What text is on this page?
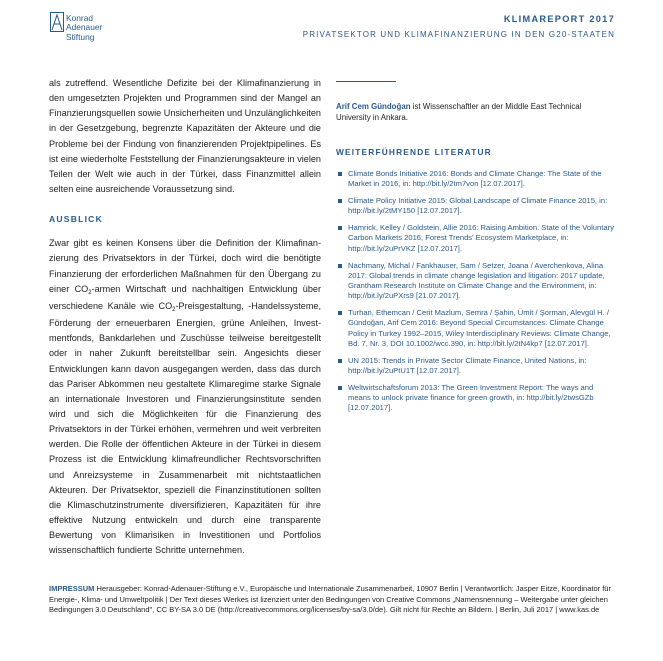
Konrad
Adenauer
Stiftung
KLIMAREPORT 2017
PRIVATSEKTOR UND KLIMAFINANZIERUNG IN DEN G20-STAATEN

als zutreffend. Wesentliche Defizite bei der Klimafinanzierung in den umgesetzten Projekten und Programmen sind der Mangel an Finanzierungsquellen sowie Unsicherheiten und Unzulänglichkeiten in der Gesetzgebung, begrenzte Kapazitäten der Akteure und die Probleme bei der Findung von finanzierenden Projektpipelines. Es ist eine wiederholte Feststellung der Finanzierungsakteure in vielen Teilen der Welt wie auch in der Türkei, dass Finanzmittel allein selten eine ausreichende Voraussetzung sind.

AUSBLICK

Zwar gibt es keinen Konsens über die Definition der Klimafinanzierung des Privatsektors in der Türkei, doch wird die benötigte Finanzierung der erforderlichen Maßnahmen für den Übergang zu einer $CO_2$-armen Wirtschaft und nachhaltigen Entwicklung über verschiedene Kanäle wie $CO_2$-Preisgestaltung, -Handelssysteme, Förderung der erneuerbaren Energien, grüne Anleihen, Investmentfonds, Bankdarlehen und Zuschüsse teilweise bereitgestellt oder in naher Zukunft bereitstellbar sein. Angesichts dieser Entwicklungen kann davon ausgegangen werden, dass das durch das Pariser Abkommen neu gestaltete Klimaregime starke Signale an internationale Investoren und Finanzierungsinstitute senden wird und sich die Möglichkeiten für die Finanzierung des Privatsektors in der Türkei erhöhen, vermehren und weit verbreiten werden. Die Rolle der öffentlichen Akteure in der Türkei in diesem Prozess ist die Entwicklung klimafreundlicher Rechtsvorschriften und Anreizsysteme in Zusammenarbeit mit nichtstaatlichen Akteuren. Der Privatsektor, speziell die Finanzinstitutionen sollten die Klimaschutzinstrumente diversifizieren, Kapazitäten für ihre effektive Nutzung entwickeln und durch eine transparente Bewertung von Klimarisiken in Investitionen und Portfolios wissenschaftlich fundierte Schritte unternehmen.

Arif Cem Gündoğan ist Wissenschaftler an der Middle East Technical University in Ankara.

WEITERFÜHRENDE LITERATUR
Climate Bonds Initiative 2016: Bonds and Climate Change: The State of the Market in 2016, in: http://bit.ly/2tm7von [12.07.2017].
Climate Policy Initiative 2015: Global Landscape of Climate Finance 2015, in: http://bit.ly/2tMY150 [12.07.2017].
Hamrick, Kelley / Goldstein, Allie 2016: Raising Ambition. State of the Voluntary Carbon Markets 2016, Forest Trends' Ecosystem Marketplace, in: http://bit.ly/2uPrVKZ [12.07.2017].
Nachmany, Michal / Fankhauser, Sam / Setzer, Joana / Averchenkova, Alina 2017: Global trends in climate change legislation and litigation: 2017 update, Grantham Research Institute on Climate Change and the Environment, in: http://bit.ly/2uPXrs9 [21.07.2017].
Turhan, Ethemcan / Cerit Mazlum, Semra / Şahin, Ümit / Şorman, Alevgül H. / Gündoğan, Arif Cem 2016: Beyond Special Circumstances: Climate Change Policy in Turkey 1992–2015, Wiley Interdisciplinary Reviews: Climate Change, Bd. 7, Nr. 3, DOI 10.1002/wcc.390, in: http://bit.ly/2tN4kp7 [12.07.2017].
UN 2015: Trends in Private Sector Climate Finance, United Nations, in: http://bit.ly/2uPtU1T [12.07.2017].
Weltwirtschaftsforum 2013: The Green Investment Report: The ways and means to unlock private finance for green growth, in: http://bit.ly/2twsGZb [12.07.2017].
IMPRESSUM Herausgeber: Konrad-Adenauer-Stiftung e.V., Europäische und Internationale Zusammenarbeit, 10907 Berlin | Verantwortlich: Jasper Eitze, Koordinator für Energie-, Klima- und Umweltpolitik | Der Text dieses Werkes ist lizenziert unter den Bedingungen von Creative Commons „Namensnennung – Weitergabe unter gleichen Bedingungen 3.0 Deutschland", CC BY-SA 3.0 DE (http://creativecommons.org/licenses/by-sa/3.0/de). Gilt nicht für Rechte an Bildern. | Berlin, Juli 2017 | www.kas.de
